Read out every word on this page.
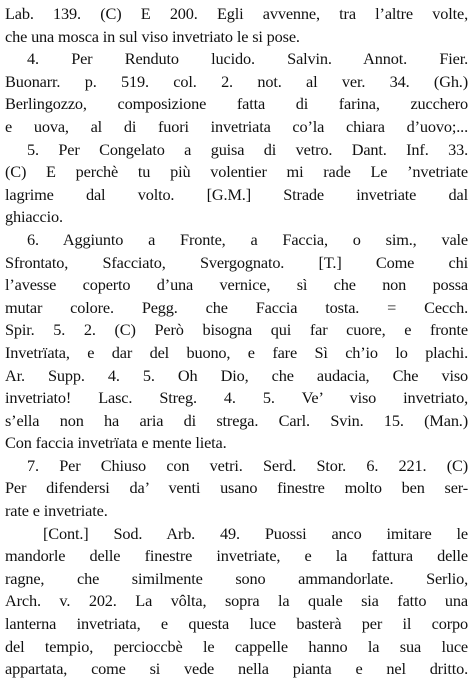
Lab. 139. (C) E 200. Egli avvenne, tra l’altre volte,
che una mosca in sul viso invetriato le si pose.
4. Per Renduto lucido. Salvin. Annot. Fier.
Buonarr. p. 519. col. 2. not. al ver. 34. (Gh.)
Berlingozzo, composizione fatta di farina, zucchero
e uova, al di fuori invetriata co’la chiara d’uovo;...
5. Per Congelato a guisa di vetro. Dant. Inf. 33.
(C) E perchè tu più volentier mi rade Le ’nvetriate
lagrime dal volto. [G.M.] Strade invetriate dal
ghiaccio.
6. Aggiunto a Fronte, a Faccia, o sim., vale
Sfrontato, Sfacciato, Svergognato. [T.] Come chi
l’avesse coperto d’una vernice, sì che non possa
mutar colore. Pegg. che Faccia tosta. = Cecch.
Spir. 5. 2. (C) Però bisogna qui far cuore, e fronte
Invetrïata, e dar del buono, e fare Sì ch’io lo plachi.
Ar. Supp. 4. 5. Oh Dio, che audacia, Che viso
invetriato! Lasc. Streg. 4. 5. Ve’ viso invetriato,
s’ella non ha aria di strega. Carl. Svin. 15. (Man.)
Con faccia invetrïata e mente lieta.
7. Per Chiuso con vetri. Serd. Stor. 6. 221. (C)
Per difendersi da’ venti usano finestre molto ben ser-
rate e invetriate.
[Cont.] Sod. Arb. 49. Puossi anco imitare le
mandorle delle finestre invetriate, e la fattura delle
ragne, che similmente sono ammandorlate. Serlio,
Arch. v. 202. La vôlta, sopra la quale sia fatto una
lanterna invetriata, e questa luce basterà per il corpo
del tempio, percioccbè le cappelle hanno la sua luce
appartata, come si vede nella pianta e nel dritto.
